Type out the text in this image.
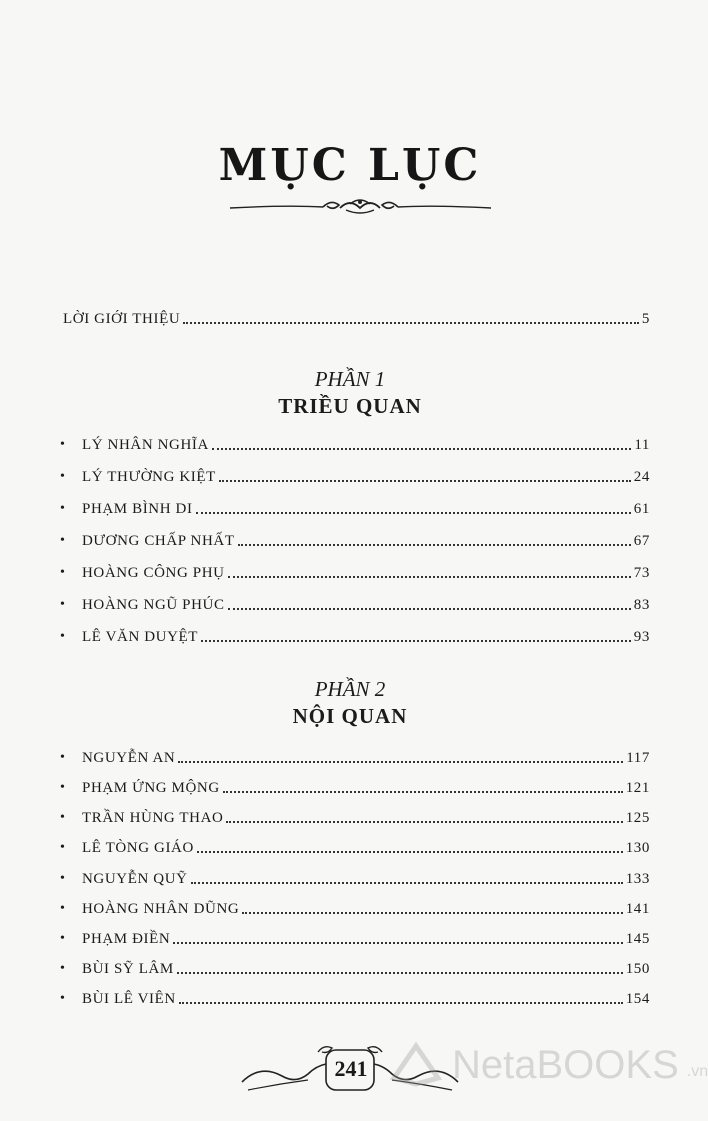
MỤC LỤC
LỜI GIỚI THIỆU	5
PHẦN 1
TRIỀU QUAN
•	LÝ NHÂN NGHĨA	11
•	LÝ THƯỜNG KIỆT	24
•	PHẠM BÌNH DI	61
•	DƯƠNG CHẤP NHẤT	67
•	HOÀNG CÔNG PHỤ	73
•	HOÀNG NGŨ PHÚC	83
•	LÊ VĂN DUYỆT	93
PHẦN 2
NỘI QUAN
•	NGUYỄN AN	117
•	PHẠM ỨNG MỘNG	121
•	TRẦN HÙNG THAO	125
•	LÊ TÒNG GIÁO	130
•	NGUYỄN QUỸ	133
•	HOÀNG NHÂN DŨNG	141
•	PHẠM ĐIỀN	145
•	BÙI SỸ LÂM	150
•	BÙI LÊ VIÊN	154
241 NetaBOOKS .vn
